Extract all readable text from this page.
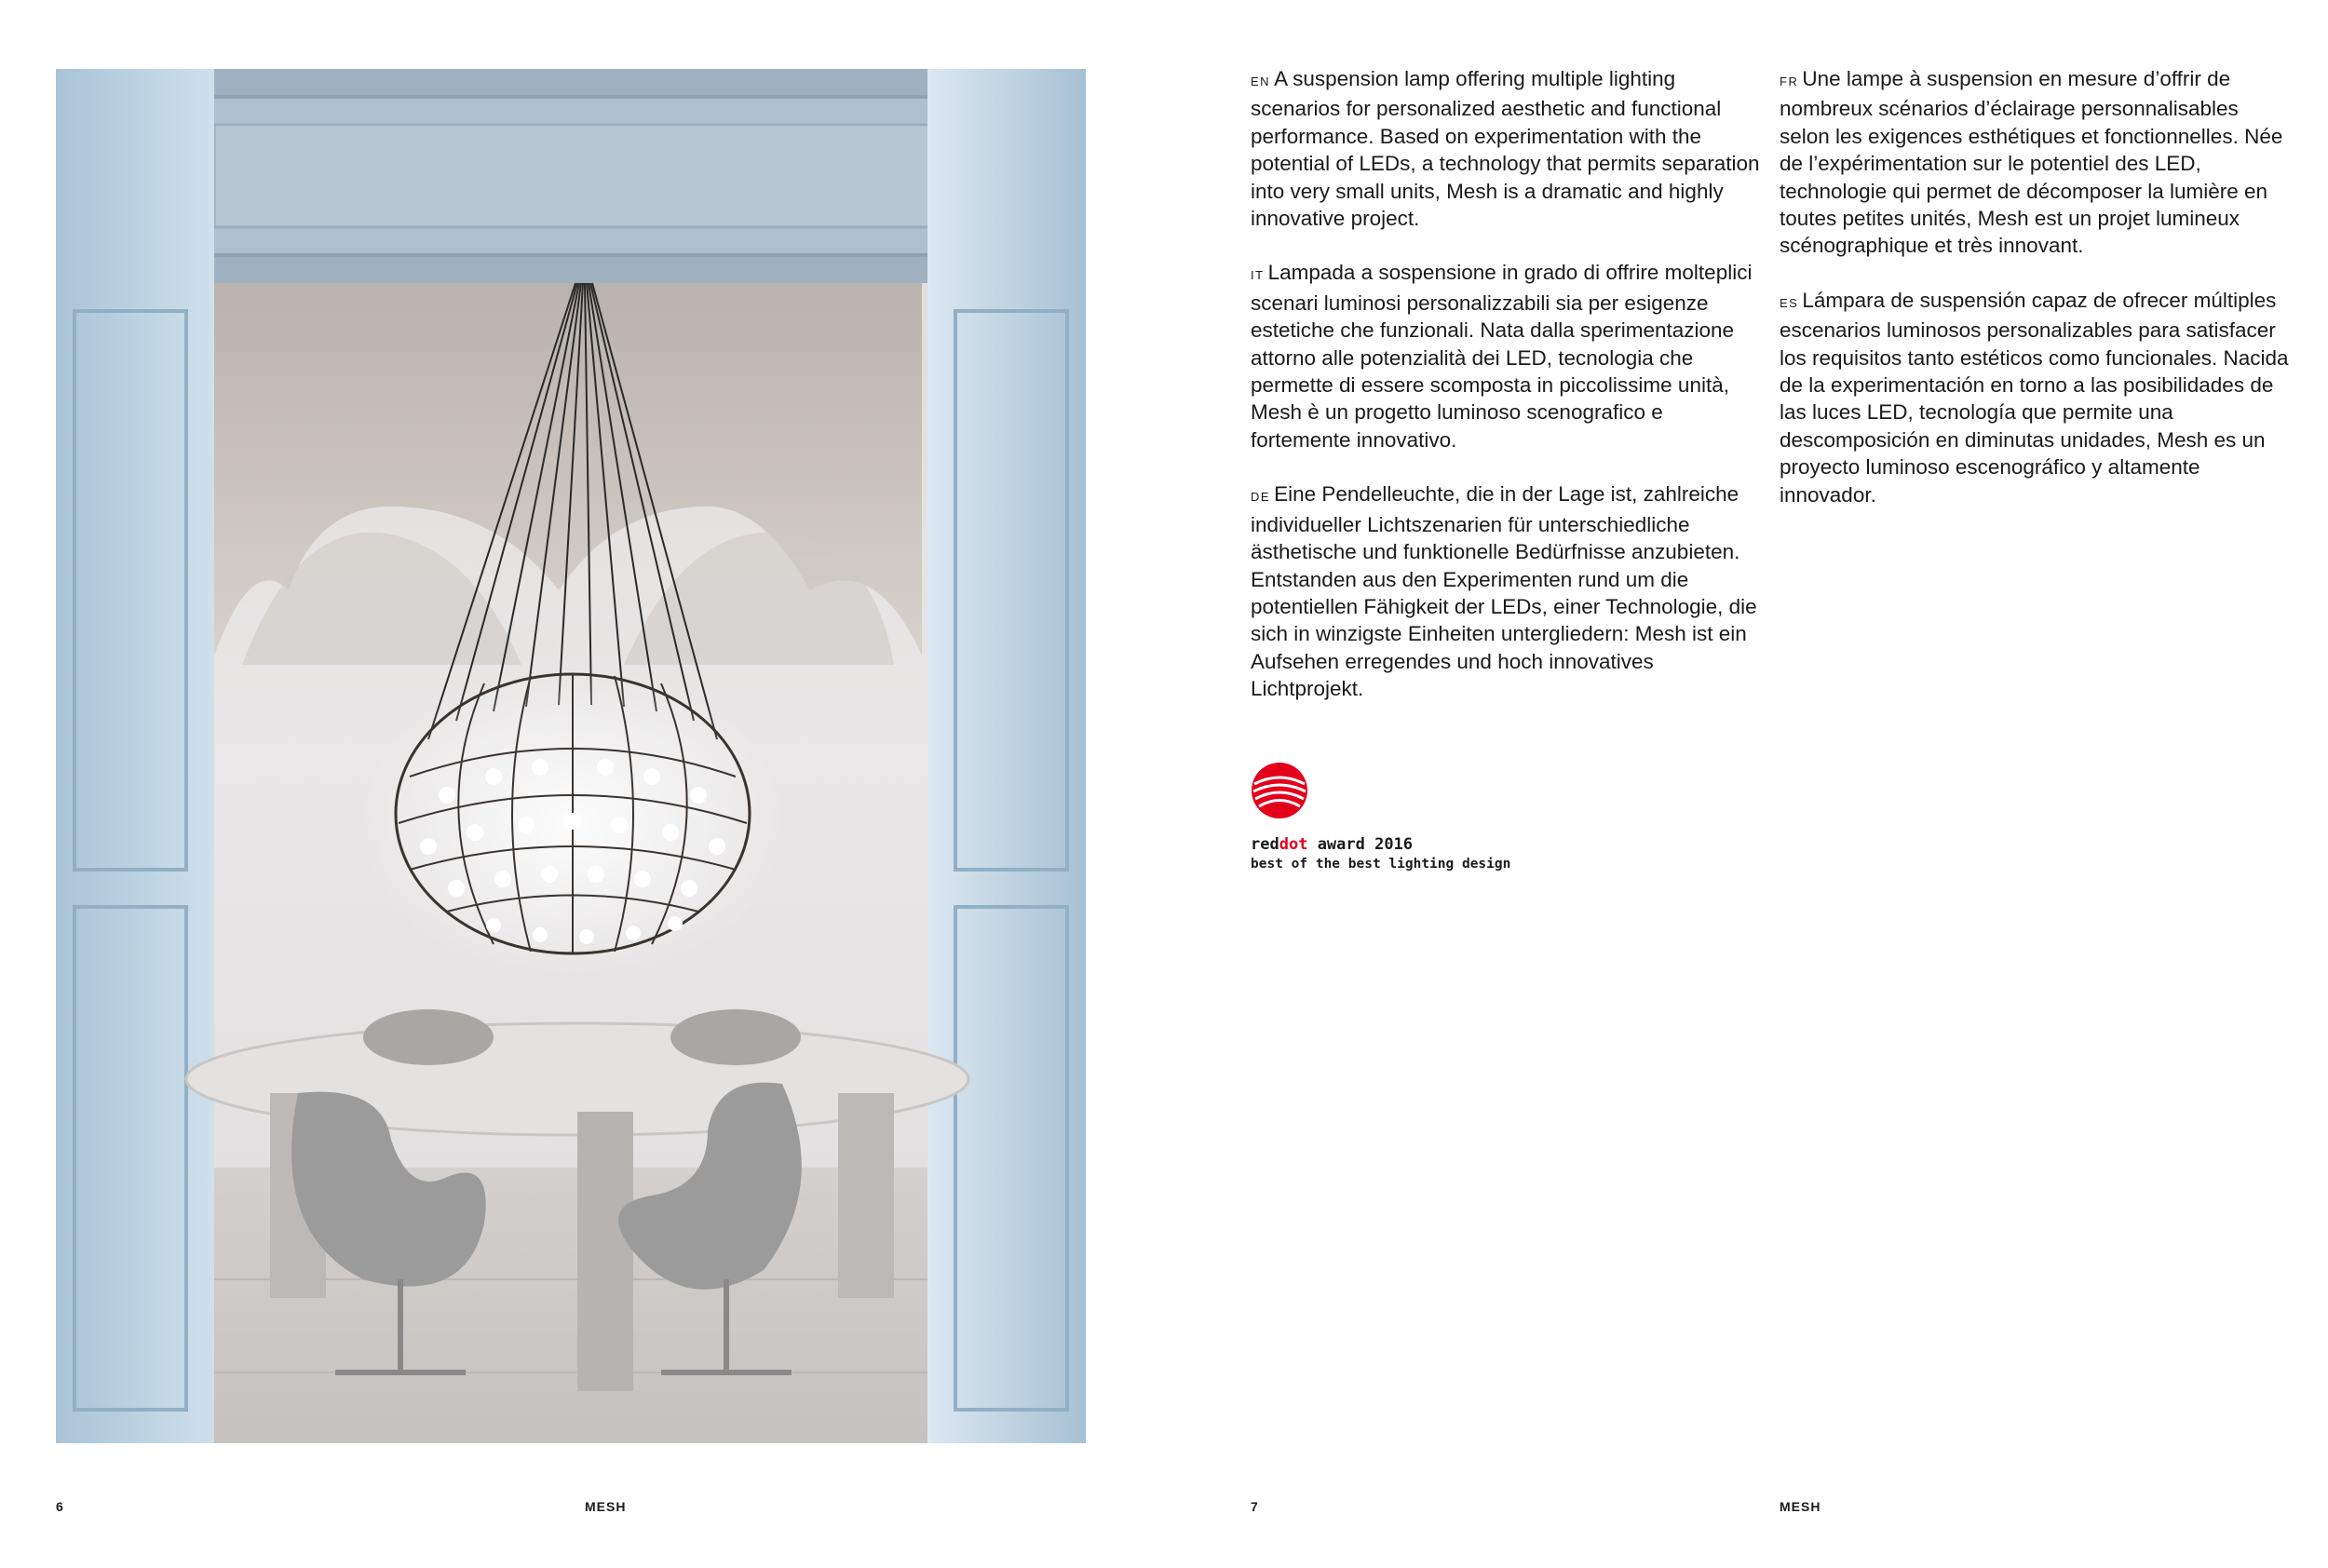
6	MESH

EN A suspension lamp offering multiple lighting scenarios for personalized aesthetic and functional performance. Based on experimentation with the potential of LEDs, a technology that permits separation into very small units, Mesh is a dramatic and highly innovative project.

IT Lampada a sospensione in grado di offrire molteplici scenari luminosi personalizzabili sia per esigenze estetiche che funzionali. Nata dalla sperimentazione attorno alle potenzialità dei LED, tecnologia che permette di essere scomposta in piccolissime unità, Mesh è un progetto luminoso scenografico e fortemente innovativo.

DE Eine Pendelleuchte, die in der Lage ist, zahlreiche individueller Lichtszenarien für unterschiedliche ästhetische und funktionelle Bedürfnisse anzubieten. Entstanden aus den Experimenten rund um die potentiellen Fähigkeit der LEDs, einer Technologie, die sich in winzigste Einheiten untergliedern: Mesh ist ein Aufsehen erregendes und hoch innovatives Lichtprojekt.

FR Une lampe à suspension en mesure d’offrir de nombreux scénarios d’éclairage personnalisables selon les exigences esthétiques et fonctionnelles. Née de l’expérimentation sur le potentiel des LED, technologie qui permet de décomposer la lumière en toutes petites unités, Mesh est un projet lumineux scénographique et très innovant.

ES Lámpara de suspensión capaz de ofrecer múltiples escenarios luminosos personalizables para satisfacer los requisitos tanto estéticos como funcionales. Nacida de la experimentación en torno a las posibilidades de las luces LED, tecnología que permite una descomposición en diminutas unidades, Mesh es un proyecto luminoso escenográfico y altamente innovador.

reddot award 2016
best of the best lighting design
7	MESH
